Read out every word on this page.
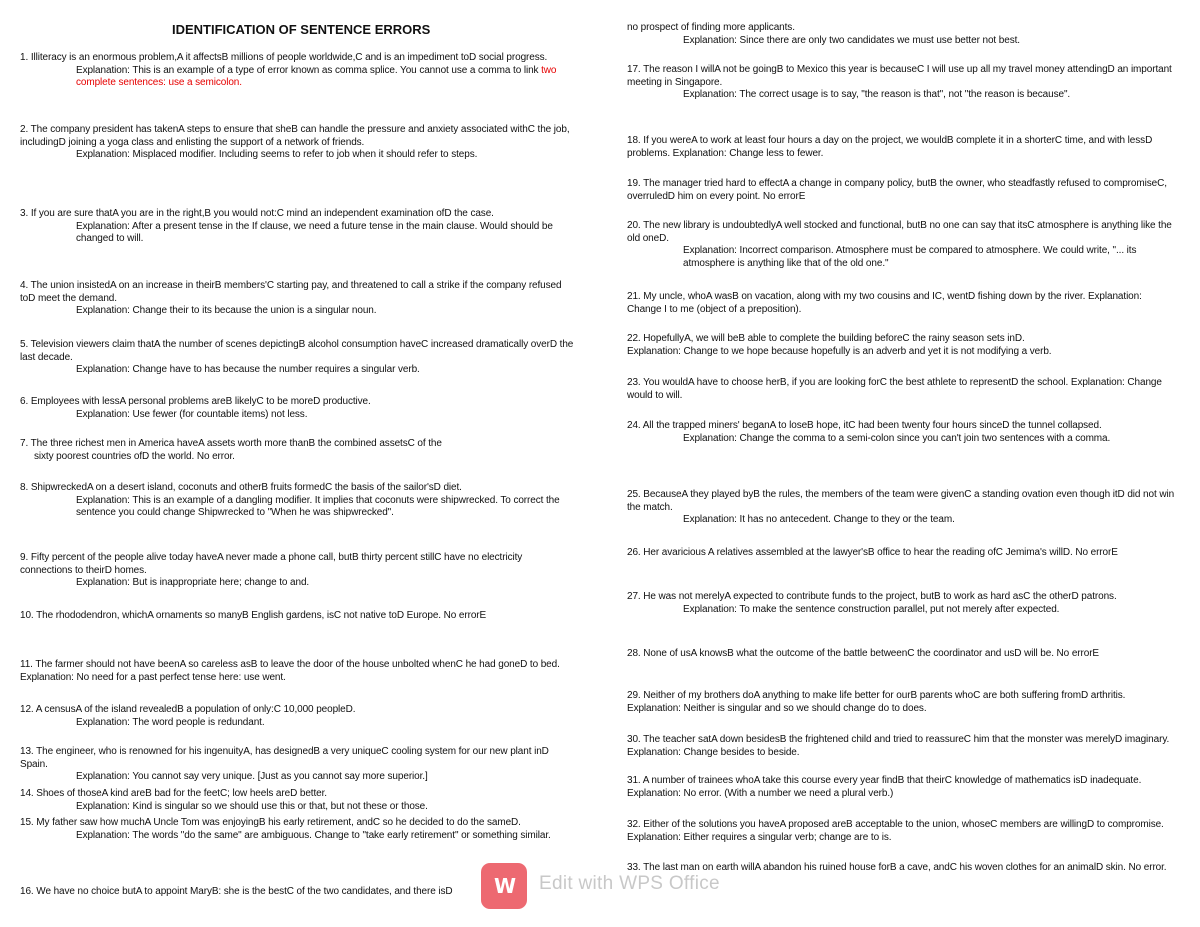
IDENTIFICATION OF SENTENCE ERRORS

1. Illiteracy is an enormous problem,A it affectsB millions of people worldwide,C and is an impediment toD social progress.

Explanation: This is an example of a type of error known as comma splice. You cannot use a comma to link two complete sentences: use a semicolon.

2. The company president has takenA steps to ensure that sheB can handle the pressure and anxiety associated withC the job, includingD joining a yoga class and enlisting the support of a network of friends.

Explanation: Misplaced modifier. Including seems to refer to job when it should refer to steps.

3. If you are sure thatA you are in the right,B you would not:C mind an independent examination ofD the case.

Explanation: After a present tense in the If clause, we need a future tense in the main clause. Would should be changed to will.

4. The union insistedA on an increase in theirB members'C starting pay, and threatened to call a strike if the company refused toD meet the demand.

Explanation: Change their to its because the union is a singular noun.

5. Television viewers claim thatA the number of scenes depictingB alcohol consumption haveC increased dramatically overD the last decade.

Explanation: Change have to has because the number requires a singular verb.

6. Employees with lessA personal problems areB likelyC to be moreD productive.

Explanation: Use fewer (for countable items) not less.

7. The three richest men in America haveA assets worth more thanB the combined assetsC of the

sixty poorest countries ofD the world. No error.

8. ShipwreckedA on a desert island, coconuts and otherB fruits formedC the basis of the sailor'sD diet.

Explanation: This is an example of a dangling modifier. It implies that coconuts were shipwrecked. To correct the sentence you could change Shipwrecked to "When he was shipwrecked".

9. Fifty percent of the people alive today haveA never made a phone call, butB thirty percent stillC have no electricity connections to theirD homes.

Explanation: But is inappropriate here; change to and.

10. The rhododendron, whichA ornaments so manyB English gardens, isC not native toD Europe. No errorE

11. The farmer should not have beenA so careless asB to leave the door of the house unbolted whenC he had goneD to bed. Explanation: No need for a past perfect tense here: use went.

12. A censusA of the island revealedB a population of only:C 10,000 peopleD.

Explanation: The word people is redundant.

13. The engineer, who is renowned for his ingenuityA, has designedB a very uniqueC cooling system for our new plant inD Spain.

Explanation: You cannot say very unique. [Just as you cannot say more superior.]

14. Shoes of thoseA kind areB bad for the feetC; low heels areD better.

Explanation: Kind is singular so we should use this or that, but not these or those.

15. My father saw how muchA Uncle Tom was enjoyingB his early retirement, andC so he decided to do the sameD.

Explanation: The words "do the same" are ambiguous. Change to "take early retirement" or something similar.

16. We have no choice butA to appoint MaryB: she is the bestC of the two candidates, and there isD

no prospect of finding more applicants.

Explanation: Since there are only two candidates we must use better not best.

17. The reason I willA not be goingB to Mexico this year is becauseC I will use up all my travel money attendingD an important meeting in Singapore.

Explanation: The correct usage is to say, "the reason is that", not "the reason is because".

18. If you wereA to work at least four hours a day on the project, we wouldB complete it in a shorterC time, and with lessD problems. Explanation: Change less to fewer.

19. The manager tried hard to effectA a change in company policy, butB the owner, who steadfastly refused to compromiseC, overruledD him on every point. No errorE

20. The new library is undoubtedlyA well stocked and functional, butB no one can say that itsC atmosphere is anything like the old oneD.

Explanation: Incorrect comparison. Atmosphere must be compared to atmosphere. We could write, "... its atmosphere is anything like that of the old one."

21. My uncle, whoA wasB on vacation, along with my two cousins and IC, wentD fishing down by the river. Explanation: Change I to me (object of a preposition).

22. HopefullyA, we will beB able to complete the building beforeC the rainy season sets inD.

Explanation: Change to we hope because hopefully is an adverb and yet it is not modifying a verb.

23. You wouldA have to choose herB, if you are looking forC the best athlete to representD the school. Explanation: Change would to will.

24. All the trapped miners' beganA to loseB hope, itC had been twenty four hours sinceD the tunnel collapsed.

Explanation: Change the comma to a semi-colon since you can't join two sentences with a comma.

25. BecauseA they played byB the rules, the members of the team were givenC a standing ovation even though itD did not win the match.

Explanation: It has no antecedent. Change to they or the team.

26. Her avaricious A relatives assembled at the lawyer'sB office to hear the reading ofC Jemima's willD. No errorE

27. He was not merelyA expected to contribute funds to the project, butB to work as hard asC the otherD patrons.

Explanation: To make the sentence construction parallel, put not merely after expected.

28. None of usA knowsB what the outcome of the battle betweenC the coordinator and usD will be. No errorE

29. Neither of my brothers doA anything to make life better for ourB parents whoC are both suffering fromD arthritis. Explanation: Neither is singular and so we should change do to does.

30. The teacher satA down besidesB the frightened child and tried to reassureC him that the monster was merelyD imaginary. Explanation: Change besides to beside.

31. A number of trainees whoA take this course every year findB that theirC knowledge of mathematics isD inadequate. Explanation: No error. (With a number we need a plural verb.)

32. Either of the solutions you haveA proposed areB acceptable to the union, whoseC members are willingD to compromise. Explanation: Either requires a singular verb; change are to is.

33. The last man on earth willA abandon his ruined house forB a cave, andC his woven clothes for an animalD skin. No error.

W	Edit with WPS Office
